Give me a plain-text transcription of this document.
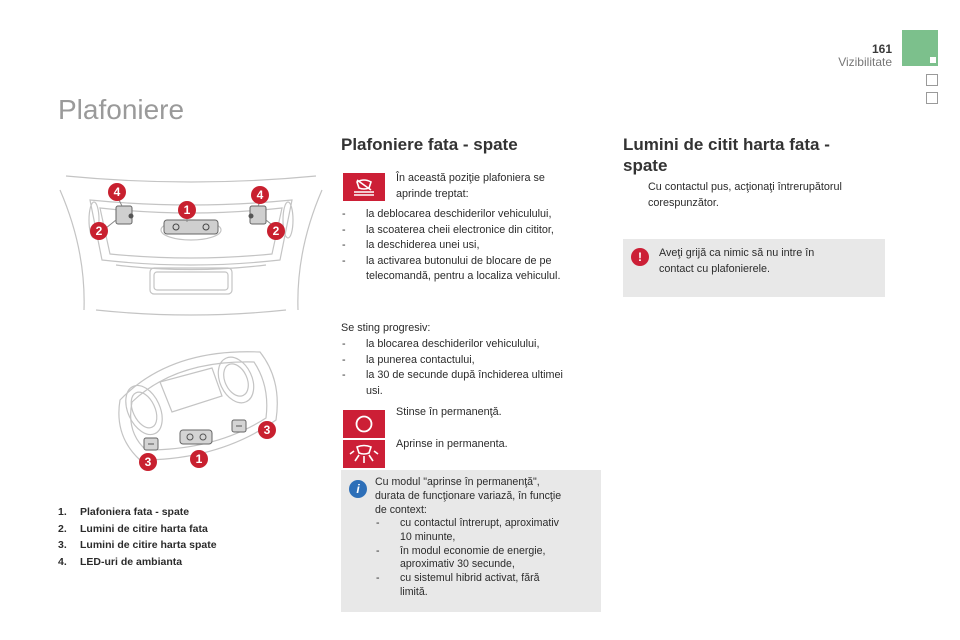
161
Vizibilitate
Plafoniere
4	4
2	2
1
3
3	1
1. Plafoniera fata - spate
2. Lumini de citire harta fata
3. Lumini de citire harta spate
4. LED-uri de ambianta
Plafoniere fata - spate
În această poziţie plafoniera se
aprinde treptat:
- la deblocarea deschiderilor vehiculului,
- la scoaterea cheii electronice din cititor,
- la deschiderea unei usi,
- la activarea butonului de blocare de pe
telecomandă, pentru a localiza vehiculul.
Se sting progresiv:
- la blocarea deschiderilor vehiculului,
- la punerea contactului,
- la 30 de secunde după închiderea ultimei
usi.
Stinse în permanenţă.
Aprinse in permanenta.
i	Cu modul "aprinse în permanenţă",
durata de funcţionare variază, în funcţie
de context:
- cu contactul întrerupt, aproximativ
10 minunte,
- în modul economie de energie,
aproximativ 30 secunde,
- cu sistemul hibrid activat, fără
limită.
Lumini de citit harta fata -
spate
Cu contactul pus, acţionaţi întrerupătorul
corespunzător.
!	Aveţi grijă ca nimic să nu intre în
contact cu plafonierele.
